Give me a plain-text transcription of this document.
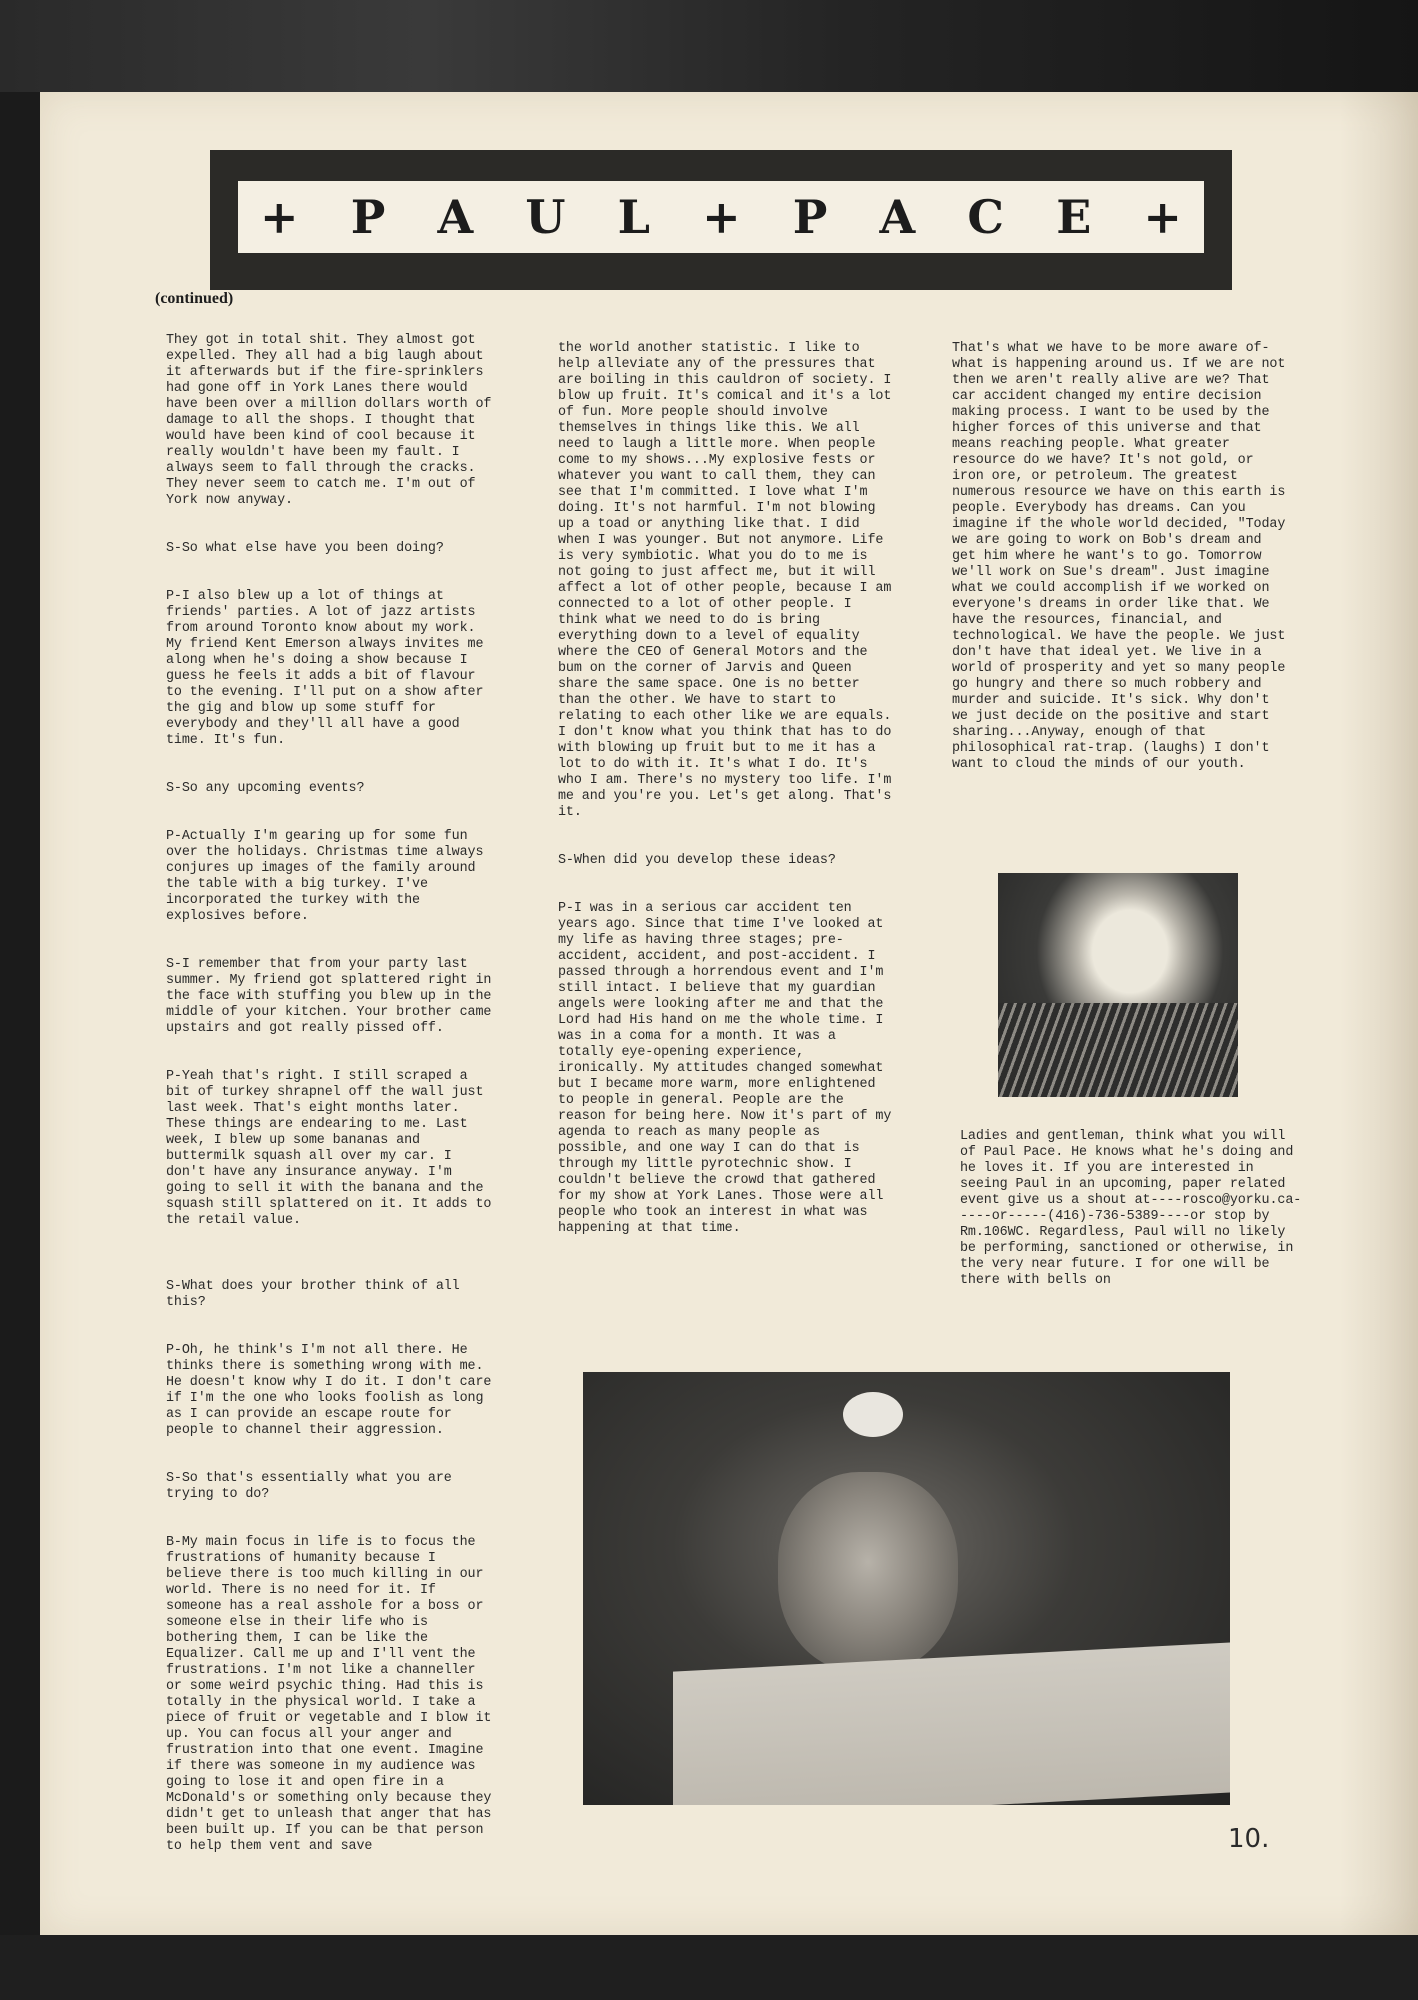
+ P A U L + P A C E +
(continued)

They got in total shit. They almost got expelled. They all had a big laugh about it afterwards but if the fire-sprinklers had gone off in York Lanes there would have been over a million dollars worth of damage to all the shops. I thought that would have been kind of cool because it really wouldn't have been my fault. I always seem to fall through the cracks. They never seem to catch me. I'm out of York now anyway.

S-So what else have you been doing?

P-I also blew up a lot of things at friends' parties. A lot of jazz artists from around Toronto know about my work. My friend Kent Emerson always invites me along when he's doing a show because I guess he feels it adds a bit of flavour to the evening. I'll put on a show after the gig and blow up some stuff for everybody and they'll all have a good time. It's fun.

S-So any upcoming events?

P-Actually I'm gearing up for some fun over the holidays. Christmas time always conjures up images of the family around the table with a big turkey. I've incorporated the turkey with the explosives before.

S-I remember that from your party last summer. My friend got splattered right in the face with stuffing you blew up in the middle of your kitchen. Your brother came upstairs and got really pissed off.

P-Yeah that's right. I still scraped a bit of turkey shrapnel off the wall just last week. That's eight months later. These things are endearing to me. Last week, I blew up some bananas and buttermilk squash all over my car. I don't have any insurance anyway. I'm going to sell it with the banana and the squash still splattered on it. It adds to the retail value.

S-What does your brother think of all this?

P-Oh, he think's I'm not all there. He thinks there is something wrong with me. He doesn't know why I do it. I don't care if I'm the one who looks foolish as long as I can provide an escape route for people to channel their aggression.

S-So that's essentially what you are trying to do?

B-My main focus in life is to focus the frustrations of humanity because I believe there is too much killing in our world. There is no need for it. If someone has a real asshole for a boss or someone else in their life who is bothering them, I can be like the Equalizer. Call me up and I'll vent the frustrations. I'm not like a channeller or some weird psychic thing. Had this is totally in the physical world. I take a piece of fruit or vegetable and I blow it up. You can focus all your anger and frustration into that one event. Imagine if there was someone in my audience was going to lose it and open fire in a McDonald's or something only because they didn't get to unleash that anger that has been built up. If you can be that person to help them vent and save

the world another statistic. I like to help alleviate any of the pressures that are boiling in this cauldron of society. I blow up fruit. It's comical and it's a lot of fun. More people should involve themselves in things like this. We all need to laugh a little more. When people come to my shows...My explosive fests or whatever you want to call them, they can see that I'm committed. I love what I'm doing. It's not harmful. I'm not blowing up a toad or anything like that. I did when I was younger. But not anymore. Life is very symbiotic. What you do to me is not going to just affect me, but it will affect a lot of other people, because I am connected to a lot of other people. I think what we need to do is bring everything down to a level of equality where the CEO of General Motors and the bum on the corner of Jarvis and Queen share the same space. One is no better than the other. We have to start to relating to each other like we are equals. I don't know what you think that has to do with blowing up fruit but to me it has a lot to do with it. It's what I do. It's who I am. There's no mystery too life. I'm me and you're you. Let's get along. That's it.

S-When did you develop these ideas?

P-I was in a serious car accident ten years ago. Since that time I've looked at my life as having three stages; pre-accident, accident, and post-accident. I passed through a horrendous event and I'm still intact. I believe that my guardian angels were looking after me and that the Lord had His hand on me the whole time. I was in a coma for a month. It was a totally eye-opening experience, ironically. My attitudes changed somewhat but I became more warm, more enlightened to people in general. People are the reason for being here. Now it's part of my agenda to reach as many people as possible, and one way I can do that is through my little pyrotechnic show. I couldn't believe the crowd that gathered for my show at York Lanes. Those were all people who took an interest in what was happening at that time.

That's what we have to be more aware of-what is happening around us. If we are not then we aren't really alive are we? That car accident changed my entire decision making process. I want to be used by the higher forces of this universe and that means reaching people. What greater resource do we have? It's not gold, or iron ore, or petroleum. The greatest numerous resource we have on this earth is people. Everybody has dreams. Can you imagine if the whole world decided, "Today we are going to work on Bob's dream and get him where he want's to go. Tomorrow we'll work on Sue's dream". Just imagine what we could accomplish if we worked on everyone's dreams in order like that. We have the resources, financial, and technological. We have the people. We just don't have that ideal yet. We live in a world of prosperity and yet so many people go hungry and there so much robbery and murder and suicide. It's sick. Why don't we just decide on the positive and start sharing...Anyway, enough of that philosophical rat-trap. (laughs) I don't want to cloud the minds of our youth.

Ladies and gentleman, think what you will of Paul Pace. He knows what he's doing and he loves it. If you are interested in seeing Paul in an upcoming, paper related event give us a shout at----rosco@yorku.ca-----or-----(416)-736-5389----or stop by Rm.106WC. Regardless, Paul will no likely be performing, sanctioned or otherwise, in the very near future. I for one will be there with bells on
10.
